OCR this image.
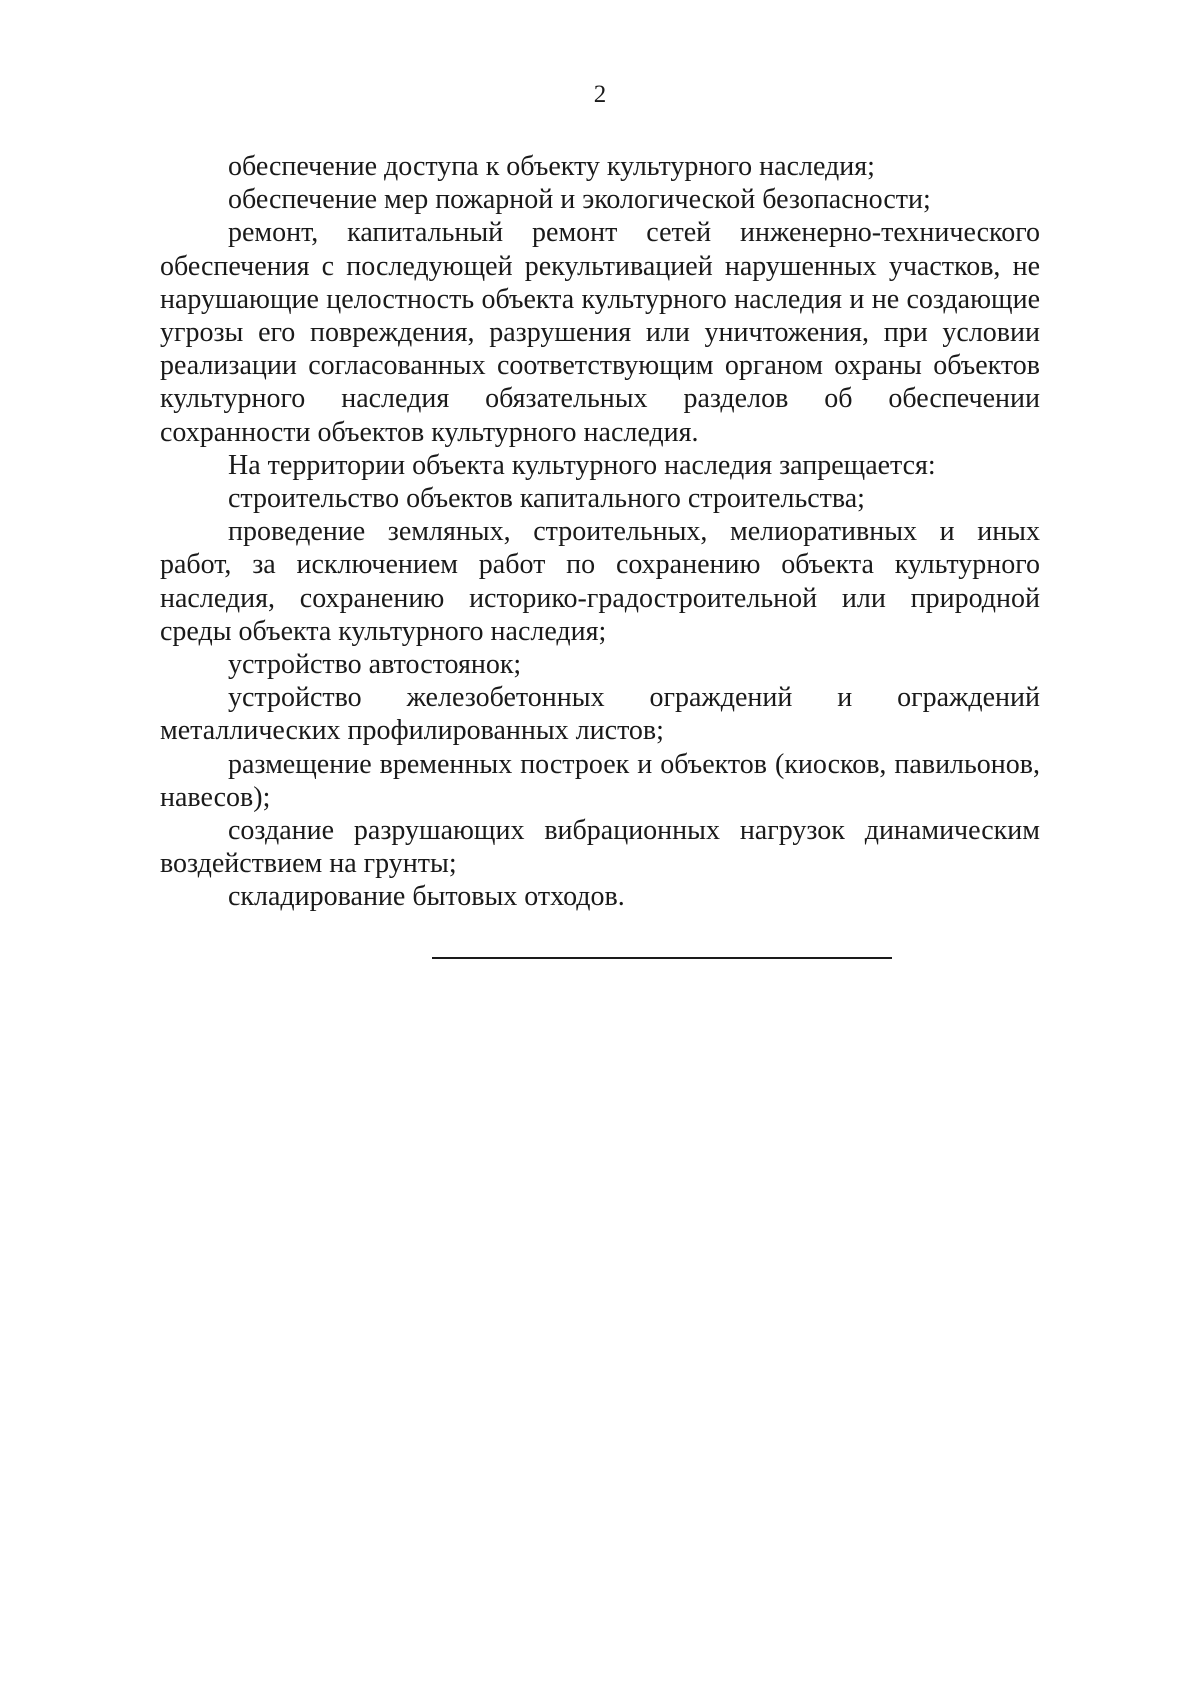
2

обеспечение доступа к объекту культурного наследия;

обеспечение мер пожарной и экологической безопасности;

ремонт, капитальный ремонт сетей инженерно-технического обеспечения с последующей рекультивацией нарушенных участков, не нарушающие целостность объекта культурного наследия и не создающие угрозы его повреждения, разрушения или уничтожения, при условии реализации согласованных соответствующим органом охраны объектов культурного наследия обязательных разделов об обеспечении сохранности объектов культурного наследия.

На территории объекта культурного наследия запрещается:

строительство объектов капитального строительства;

проведение земляных, строительных, мелиоративных и иных работ, за исключением работ по сохранению объекта культурного наследия, сохранению историко-градостроительной или природной среды объекта культурного наследия;

устройство автостоянок;

устройство железобетонных ограждений и ограждений металлических профилированных листов;

размещение временных построек и объектов (киосков, павильонов, навесов);

создание разрушающих вибрационных нагрузок динамическим воздействием на грунты;

складирование бытовых отходов.
